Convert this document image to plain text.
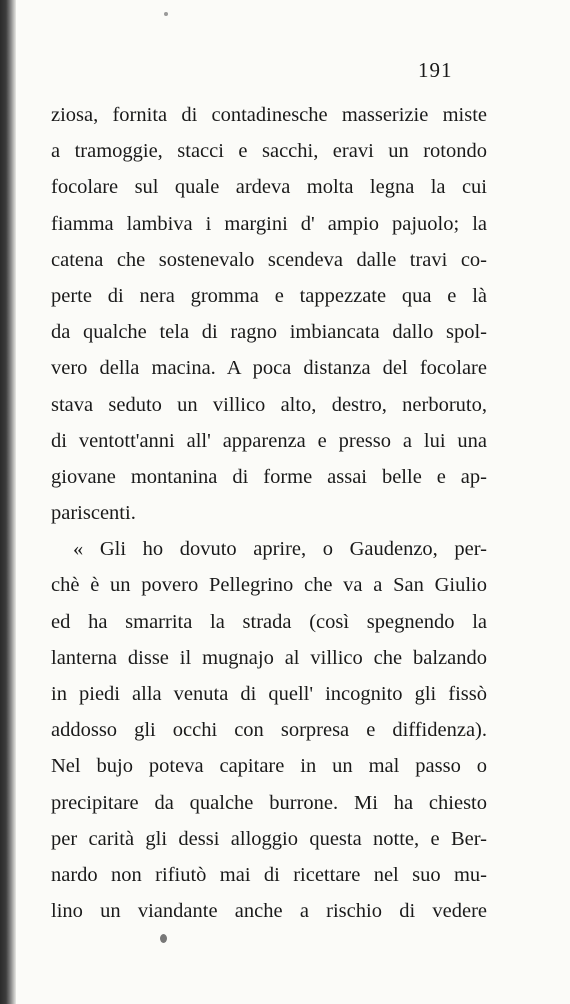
191
ziosa, fornita di contadinesche masserizie miste
a tramoggie, stacci e sacchi, eravi un rotondo
focolare sul quale ardeva molta legna la cui
fiamma lambiva i margini d' ampio pajuolo; la
catena che sostenevalo scendeva dalle travi co-
perte di nera gromma e tappezzate qua e là
da qualche tela di ragno imbiancata dallo spol-
vero della macina. A poca distanza del focolare
stava seduto un villico alto, destro, nerboruto,
di ventott'anni all' apparenza e presso a lui una
giovane montanina di forme assai belle e ap-
pariscenti.
« Gli ho dovuto aprire, o Gaudenzo, per-
chè è un povero Pellegrino che va a San Giulio
ed ha smarrita la strada (così spegnendo la
lanterna disse il mugnajo al villico che balzando
in piedi alla venuta di quell' incognito gli fissò
addosso gli occhi con sorpresa e diffidenza).
Nel bujo poteva capitare in un mal passo o
precipitare da qualche burrone. Mi ha chiesto
per carità gli dessi alloggio questa notte, e Ber-
nardo non rifiutò mai di ricettare nel suo mu-
lino un viandante anche a rischio di vedere
